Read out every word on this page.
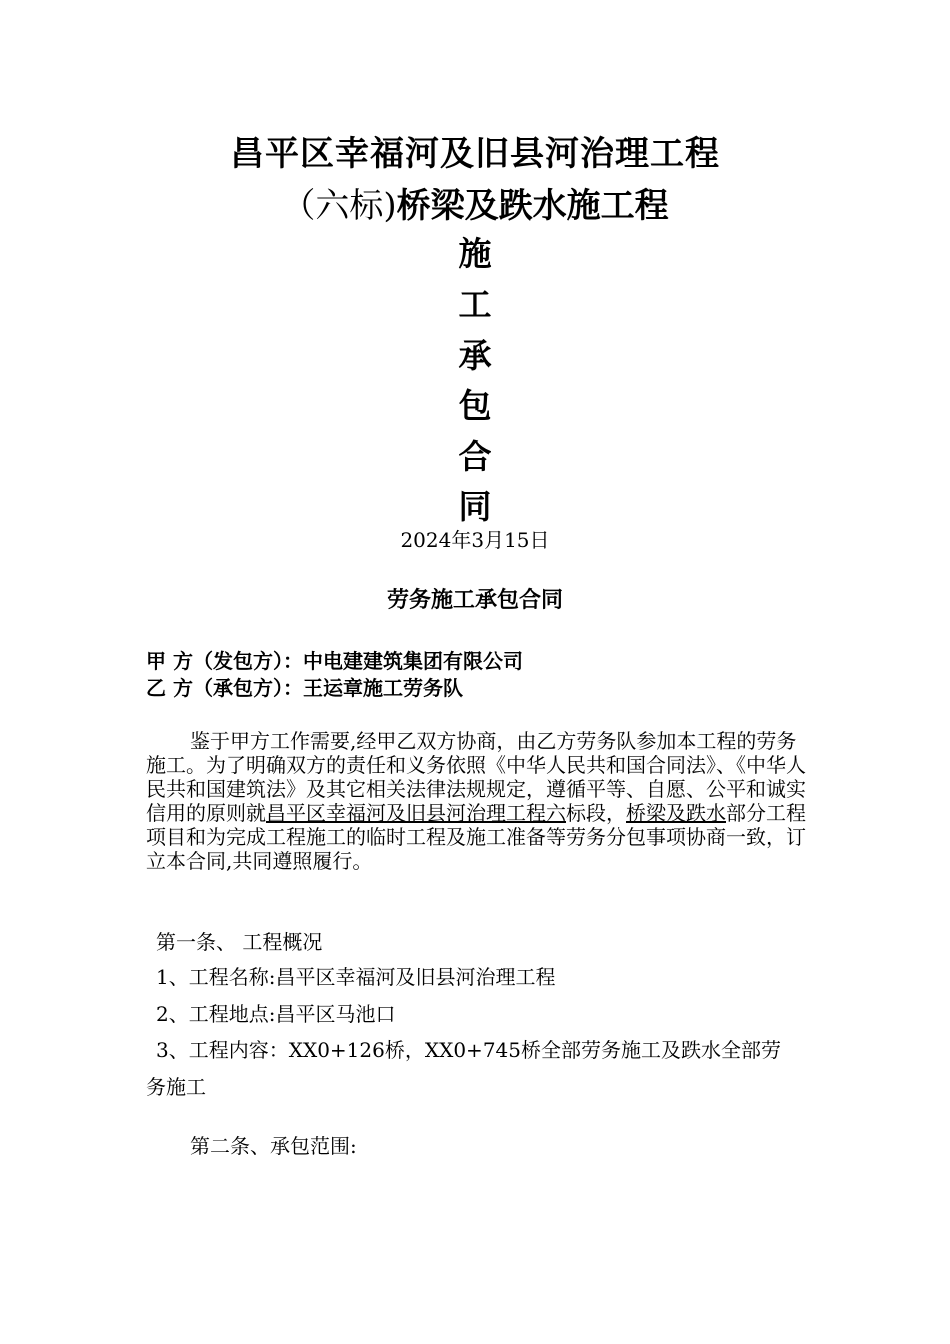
昌平区幸福河及旧县河治理工程
（六标)桥梁及跌水施工程
施
工
承
包
合
同
2024年3月15日
劳务施工承包合同
甲 方（发包方）：中电建建筑集团有限公司
乙 方（承包方）：王运章施工劳务队
鉴于甲方工作需要,经甲乙双方协商，由乙方劳务队参加本工程的劳务施工。为了明确双方的责任和义务依照《中华人民共和国合同法》、《中华人民共和国建筑法》及其它相关法律法规规定，遵循平等、自愿、公平和诚实信用的原则就昌平区幸福河及旧县河治理工程六标段，桥梁及跌水部分工程项目和为完成工程施工的临时工程及施工准备等劳务分包事项协商一致，订立本合同,共同遵照履行。
第一条、 工程概况
1、工程名称:昌平区幸福河及旧县河治理工程
2、工程地点:昌平区马池口
3、工程内容：XX0+126桥，XX0+745桥全部劳务施工及跌水全部劳
务施工
第二条、承包范围:
